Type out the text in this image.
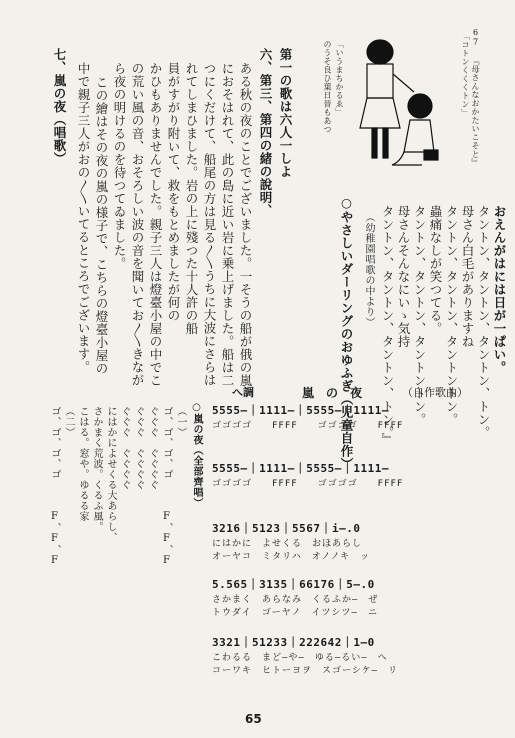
おえんがはには日が一ぱい。
タントン、タントン、タントン、トン。
母さん白毛がありますね
タントン、タントン、タントントン。
蟲痛なしが笑つてる。
タントン、タントン、タントントン。
母さんそんなにいゝ気持
タントン、タントン、タントン、トン。』
（幼稚園唱歌の中より）
67 『母さんなおかたいこそと』
「コトンくくくトン」
「いうまちかるゑ」
のうそ良ひ葉日晉もあつ
○やさしいダーリングのおゆふぎ（児童自作）
第一の歌は六人一しよ
六、第三、第四の緒の說明、
ある秋の夜のことでございました。一そうの船が俄の嵐
におそはれて、此の島に近い岩に乗上げました。船は二
つにくだけて、船尾の方は見る〳〵うちに大波にさらは
れてしまひました。岩の上に殘つた十人許の船
員がすがり附いて、救をもとめましたが何の
かひもありませんでした。親子三人は燈臺小屋の中でこ
の荒い風の音、おそろしい波の音を聞いてお〳〵きなが
ら夜の明けるのを待つてゐました。
この繪はその夜の嵐の様子で、こちらの燈臺小屋の
中で親子三人がおの〳〵いてるところでございます。
七、嵐の夜（唱歌）
へ調	嵐　の　夜	（自作歌曲）
5555—｜1111—｜5555—｜1111—
ゴゴゴゴ　　FFFF　　ゴゴゴゴ　　FFFF
5555—｜1111—｜5555—｜1111—
ゴゴゴゴ　　FFFF　　ゴゴゴゴ　　FFFF
3216｜5123｜5567｜i—.0
にはかに　よせくる　おほあらし
オーヤコ　ミタリハ　オノノキ　ッ
5.565｜3135｜66176｜5—.0
さかまく　あらなみ　くるふか—　ぜ
トウダイ　ゴーヤノ　イツシツ—　ニ
3321｜51233｜222642｜1—0
こわるる　まど—や—　ゆる—るい—　へ
コーワキ　ヒトーヨヲ　スゴーシケ—　リ
○嵐の夜（全部齊唱）
（一）
ゴ、ゴ、ゴ、ゴ　　　F、F、F
ぐぐぐ　ぐぐぐぐ
ぐぐぐ　ぐぐぐぐ
ぐぐぐ　ぐぐぐぐ
にはかによせくる大あらし、
さかまく荒波。くるふ風。
こはる。窓や。ゆるる家
（二）
ゴ、ゴ、ゴ、ゴ　　　F、F、F
65
